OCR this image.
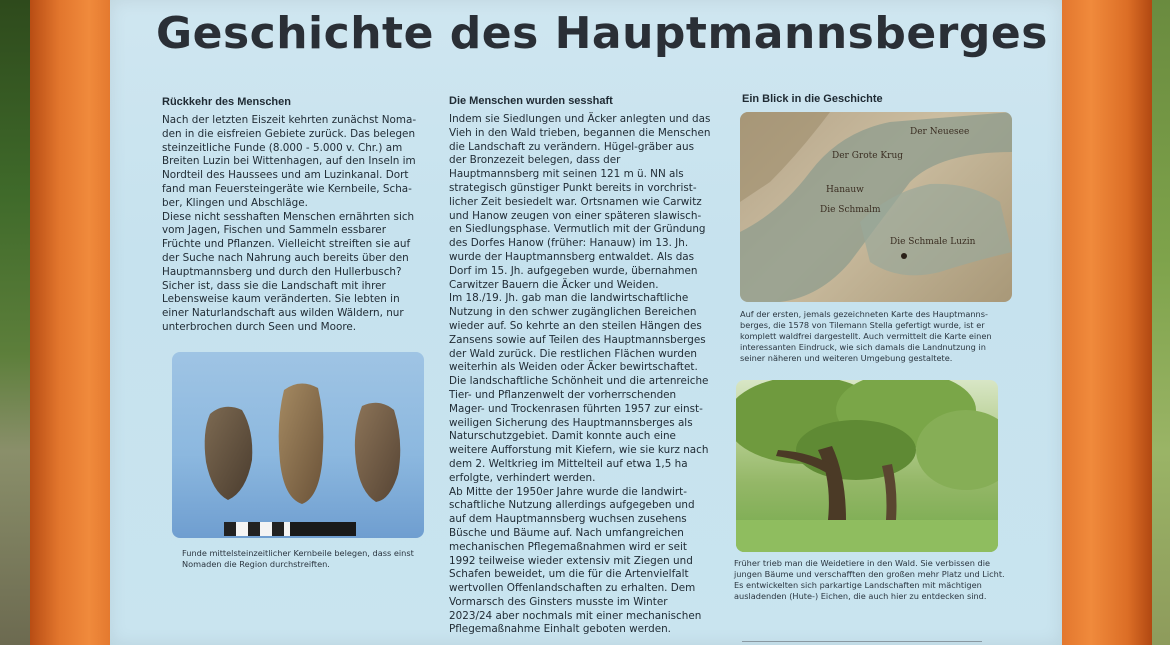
Geschichte des Hauptmannsberges
Rückkehr des Menschen

Nach der letzten Eiszeit kehrten zunächst Noma-den in die eisfreien Gebiete zurück. Das belegen steinzeitliche Funde (8.000 - 5.000 v. Chr.) am Breiten Luzin bei Wittenhagen, auf den Inseln im Nordteil des Haussees und am Luzinkanal. Dort fand man Feuersteingeräte wie Kernbeile, Scha-ber, Klingen und Abschläge.

Diese nicht sesshaften Menschen ernährten sich vom Jagen, Fischen und Sammeln essbarer Früchte und Pflanzen. Vielleicht streiften sie auf der Suche nach Nahrung auch bereits über den Hauptmannsberg und durch den Hullerbusch? Sicher ist, dass sie die Landschaft mit ihrer Lebensweise kaum veränderten. Sie lebten in einer Naturlandschaft aus wilden Wäldern, nur unterbrochen durch Seen und Moore.

Funde mittelsteinzeitlicher Kernbeile belegen, dass einst Nomaden die Region durchstreiften.

Die Menschen wurden sesshaft

Indem sie Siedlungen und Äcker anlegten und das Vieh in den Wald trieben, begannen die Menschen die Landschaft zu verändern. Hügel-gräber aus der Bronzezeit belegen, dass der Hauptmannsberg mit seinen 121 m ü. NN als strategisch günstiger Punkt bereits in vorchrist-licher Zeit besiedelt war. Ortsnamen wie Carwitz und Hanow zeugen von einer späteren slawisch-en Siedlungsphase. Vermutlich mit der Gründung des Dorfes Hanow (früher: Hanauw) im 13. Jh. wurde der Hauptmannsberg entwaldet. Als das Dorf im 15. Jh. aufgegeben wurde, übernahmen Carwitzer Bauern die Äcker und Weiden.

Im 18./19. Jh. gab man die landwirtschaftliche Nutzung in den schwer zugänglichen Bereichen wieder auf. So kehrte an den steilen Hängen des Zansens sowie auf Teilen des Hauptmannsberges der Wald zurück. Die restlichen Flächen wurden weiterhin als Weiden oder Äcker bewirtschaftet. Die landschaftliche Schönheit und die artenreiche Tier- und Pflanzenwelt der vorherrschenden Mager- und Trockenrasen führten 1957 zur einst-weiligen Sicherung des Hauptmannsberges als Naturschutzgebiet. Damit konnte auch eine weitere Aufforstung mit Kiefern, wie sie kurz nach dem 2. Weltkrieg im Mittelteil auf etwa 1,5 ha erfolgte, verhindert werden.

Ab Mitte der 1950er Jahre wurde die landwirt-schaftliche Nutzung allerdings aufgegeben und auf dem Hauptmannsberg wuchsen zusehens Büsche und Bäume auf. Nach umfangreichen mechanischen Pflegemaßnahmen wird er seit 1992 teilweise wieder extensiv mit Ziegen und Schafen beweidet, um die für die Artenvielfalt wertvollen Offenlandschaften zu erhalten. Dem Vormarsch des Ginsters musste im Winter 2023/24 aber nochmals mit einer mechanischen Pflegemaßnahme Einhalt geboten werden.

Ein Blick in die Geschichte
Der Grote Krug
Der Neuesee
Hanauw
Die Schmalm
Die Schmale Luzin

Auf der ersten, jemals gezeichneten Karte des Hauptmanns-berges, die 1578 von Tilemann Stella gefertigt wurde, ist er komplett waldfrei dargestellt. Auch vermittelt die Karte einen interessanten Eindruck, wie sich damals die Landnutzung in seiner näheren und weiteren Umgebung gestaltete.

Früher trieb man die Weidetiere in den Wald. Sie verbissen die jungen Bäume und verschafften den großen mehr Platz und Licht. Es entwickelten sich parkartige Landschaften mit mächtigen ausladenden (Hute-) Eichen, die auch hier zu entdecken sind.
